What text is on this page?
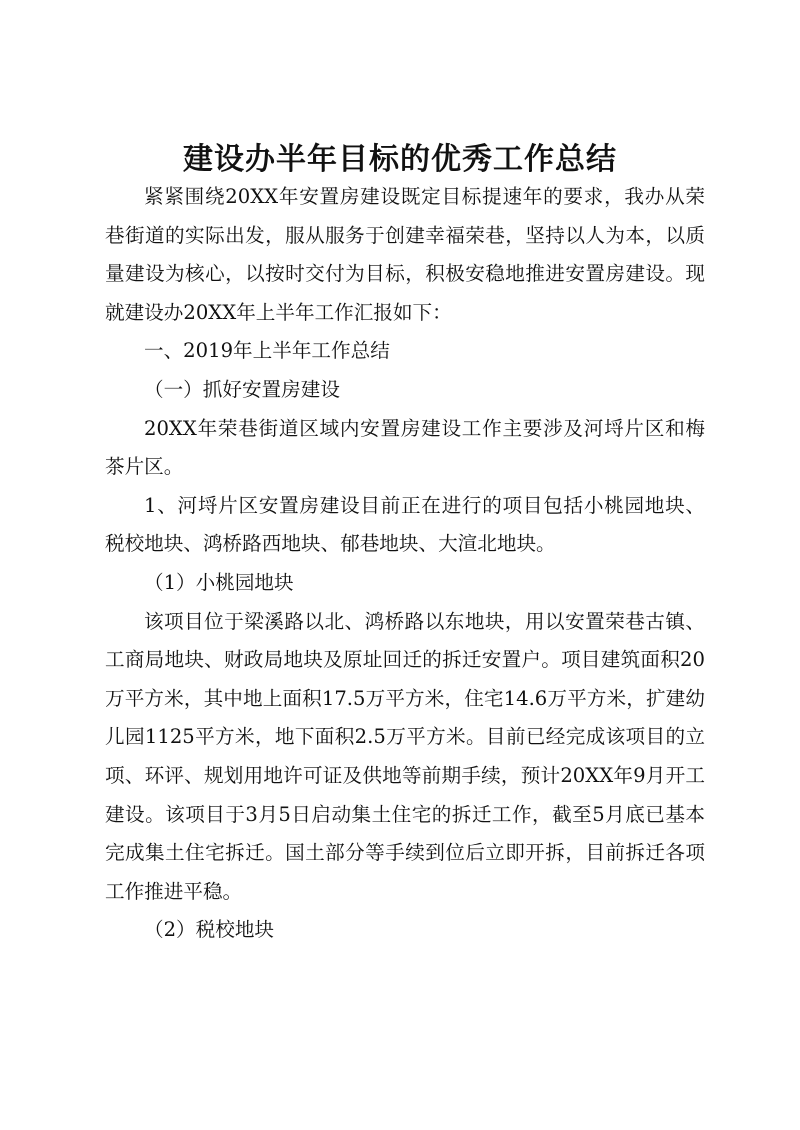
建设办半年目标的优秀工作总结

紧紧围绕20XX年安置房建设既定目标提速年的要求，我办从荣巷街道的实际出发，服从服务于创建幸福荣巷，坚持以人为本，以质量建设为核心，以按时交付为目标，积极安稳地推进安置房建设。现就建设办20XX年上半年工作汇报如下：

一、2019年上半年工作总结

（一）抓好安置房建设

20XX年荣巷街道区域内安置房建设工作主要涉及河埒片区和梅茶片区。

1、河埒片区安置房建设目前正在进行的项目包括小桃园地块、税校地块、鸿桥路西地块、郁巷地块、大渲北地块。

（1）小桃园地块

该项目位于梁溪路以北、鸿桥路以东地块，用以安置荣巷古镇、工商局地块、财政局地块及原址回迁的拆迁安置户。项目建筑面积20万平方米，其中地上面积17.5万平方米，住宅14.6万平方米，扩建幼儿园1125平方米，地下面积2.5万平方米。目前已经完成该项目的立项、环评、规划用地许可证及供地等前期手续，预计20XX年9月开工建设。该项目于3月5日启动集土住宅的拆迁工作，截至5月底已基本完成集土住宅拆迁。国土部分等手续到位后立即开拆，目前拆迁各项工作推进平稳。

（2）税校地块
